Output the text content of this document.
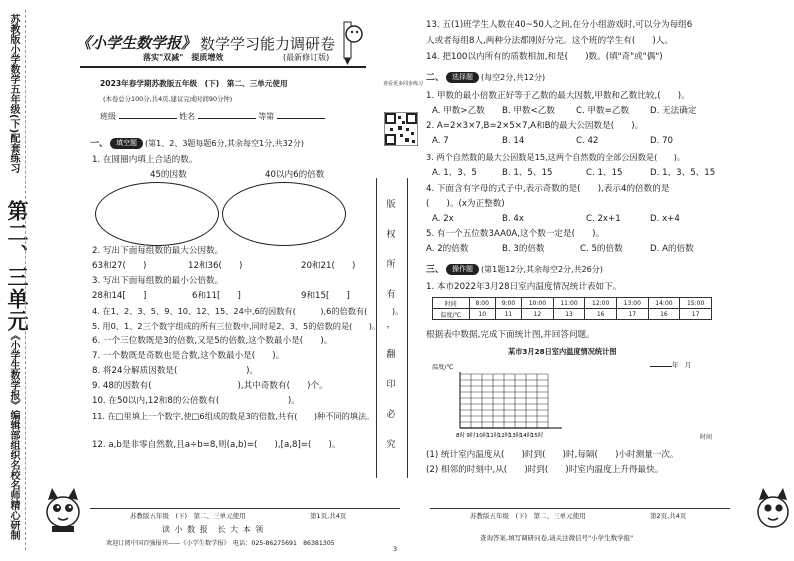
苏教版小学数学五年级(下)配套练习
第二、三单元
《小学生数学报》编辑部组织名校名师精心研制
《小学生数学报》 数学学习能力调研卷
落实"双减"　提质增效	(最新修订版)
2023年春学期苏教版五年级　(下)　第二、三单元使用
(本卷总分100分,共4页,建议完成时间90分钟)
班级	姓名	等第
查看更多同步练习
版
权
所
有
，
翻
印
必
究
一、 填空题 (第1、2、3题每题6分,其余每空1分,共32分)
1. 在圆圈内填上合适的数。
45的因数	40以内6的倍数
2. 写出下面每组数的最大公因数。
63和27(　　)	12和36(　　)	20和21(　　)
3. 写出下面每组数的最小公倍数。
28和14[　　]	6和11[　　]	9和15[　　]
4. 在1、2、3、5、9、10、12、15、24中,6的因数有(　　　),6的倍数有(　　　)。
5. 用0、1、2三个数字组成的所有三位数中,同时是2、3、5的倍数的是(　　)。
6. 一个三位数既是3的倍数,又是5的倍数,这个数最小是(　　)。
7. 一个数既是奇数也是合数,这个数最小是(　　)。
8. 将24分解质因数是(　　　　　　　　)。
9. 48的因数有(　　　　　　　　　　),其中奇数有(　　)个。
10. 在50以内,12和8的公倍数有(　　　　　　　　)。
11. 在□里填上一个数字,使□6组成的数是3的倍数,共有(　　)种不同的填法。
12. a,b是非零自然数,且a÷b=8,则(a,b)=(　　),[a,8]=(　　)。
13. 五(1)班学生人数在40~50人之间,在分小组游戏时,可以分为每组6
人或者每组8人,两种分法都刚好分完。这个班的学生有(　　)人。
14. 把100以内所有的质数相加,和是(　　)数。(填"奇"或"偶")
二、 选择题 (每空2分,共12分)
1. 甲数的最小倍数正好等于乙数的最大因数,甲数和乙数比较,(　　)。
A. 甲数>乙数 B. 甲数<乙数 C. 甲数=乙数 D. 无法确定
2. A=2×3×7,B=2×5×7,A和B的最大公因数是(　　)。
A. 7	B. 14	C. 42	D. 70
3. 两个自然数的最大公因数是15,这两个自然数的全部公因数是(　　)。
A. 1、3、5	B. 1、5、15	C. 1、15	D. 1、3、5、15
4. 下面含有字母的式子中,表示奇数的是(　　),表示4的倍数的是
(　　)。(x为正整数)
A. 2x	B. 4x	C. 2x+1	D. x+4
5. 有一个五位数3AA0A,这个数一定是(　　)。
A. 2的倍数	B. 3的倍数	C. 5的倍数	D. A的倍数
三、 操作题 (第1题12分,其余每空2分,共26分)
1. 本市2022年3月28日室内温度情况统计表如下。
时间	8:00	9:00	10:00	11:00	12:00	13:00	14:00	15:00
温度/℃	10	11	12	13	16	17	16	17
根据表中数据,完成下面统计图,并回答问题。
某市3月28日室内温度情况统计图
年　月
温度/℃
8时 9时 10时
11时
12时
13时
14时
15时	时间
(1) 统计室内温度从(　　)时到(　　)时,每隔(　　)小时测量一次。
(2) 相邻的时刻中,从(　　)时到(　　)时室内温度上升得最快。
苏教版五年级　(下)　第二、三单元使用	第1页,共4页
读 小 数 报　长 大 本 领
欢迎订阅中国百强报刊——《小学生数学报》　电话：025-86275691　86381305
苏教版五年级　(下)　第二、三单元使用	第2页,共4页
查询答案,填写调研问卷,请关注微信号"小学生数学报"
3
